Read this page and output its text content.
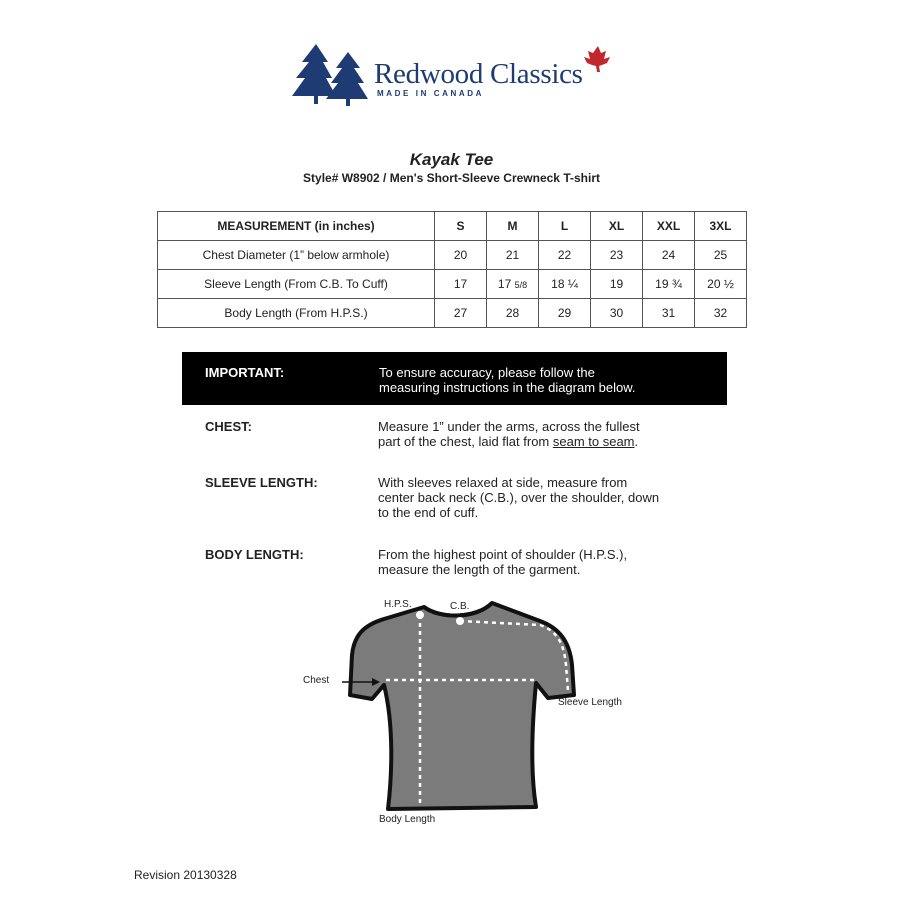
Redwood Classics
MADE IN CANADA
Kayak Tee
Style# W8902 / Men's Short-Sleeve Crewneck T-shirt
MEASUREMENT (in inches)	S	M	L	XL	XXL	3XL
Chest Diameter (1” below armhole)	20	21	22	23	24	25
Sleeve Length (From C.B. To Cuff)	17	17 5/8	18 ¼	19	19 ¾	20 ½
Body Length (From H.P.S.)	27	28	29	30	31	32
IMPORTANT:	To ensure accuracy, please follow the
measuring instructions in the diagram below.
CHEST:	Measure 1” under the arms, across the fullest
part of the chest, laid flat from seam to seam.
SLEEVE LENGTH:	With sleeves relaxed at side, measure from
center back neck (C.B.), over the shoulder, down
to the end of cuff.
BODY LENGTH:	From the highest point of shoulder (H.P.S.),
measure the length of the garment.
H.P.S.	C.B.
Chest
Sleeve Length
Body Length
Revision 20130328
